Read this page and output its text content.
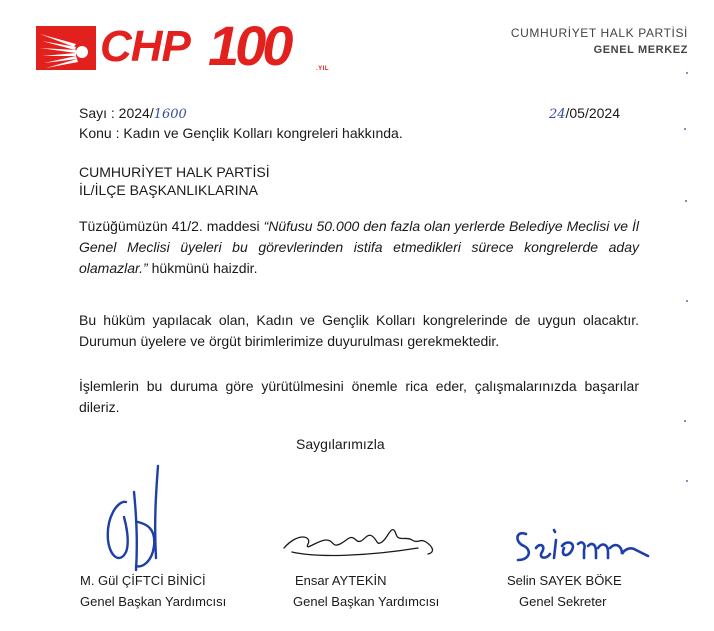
CHP 100	.YIL
CUMHURİYET HALK PARTİSİ
GENEL MERKEZ
Sayı : 2024/1600	24/05/2024
Konu : Kadın ve Gençlik Kolları kongreleri hakkında.
CUMHURİYET HALK PARTİSİ
İL/İLÇE BAŞKANLIKLARINA
Tüzüğümüzün 41/2. maddesi “Nüfusu 50.000 den fazla olan yerlerde Belediye Meclisi ve İl Genel Meclisi üyeleri bu görevlerinden istifa etmedikleri sürece kongrelerde aday olamazlar.” hükmünü haizdir.
Bu hüküm yapılacak olan, Kadın ve Gençlik Kolları kongrelerinde de uygun olacaktır. Durumun üyelere ve örgüt birimlerimize duyurulması gerekmektedir.
İşlemlerin bu duruma göre yürütülmesini önemle rica eder, çalışmalarınızda başarılar dileriz.
Saygılarımızla
M. Gül ÇİFTCİ BİNİCİ
Genel Başkan Yardımcısı
Ensar AYTEKİN
Genel Başkan Yardımcısı
Selin SAYEK BÖKE
Genel Sekreter
